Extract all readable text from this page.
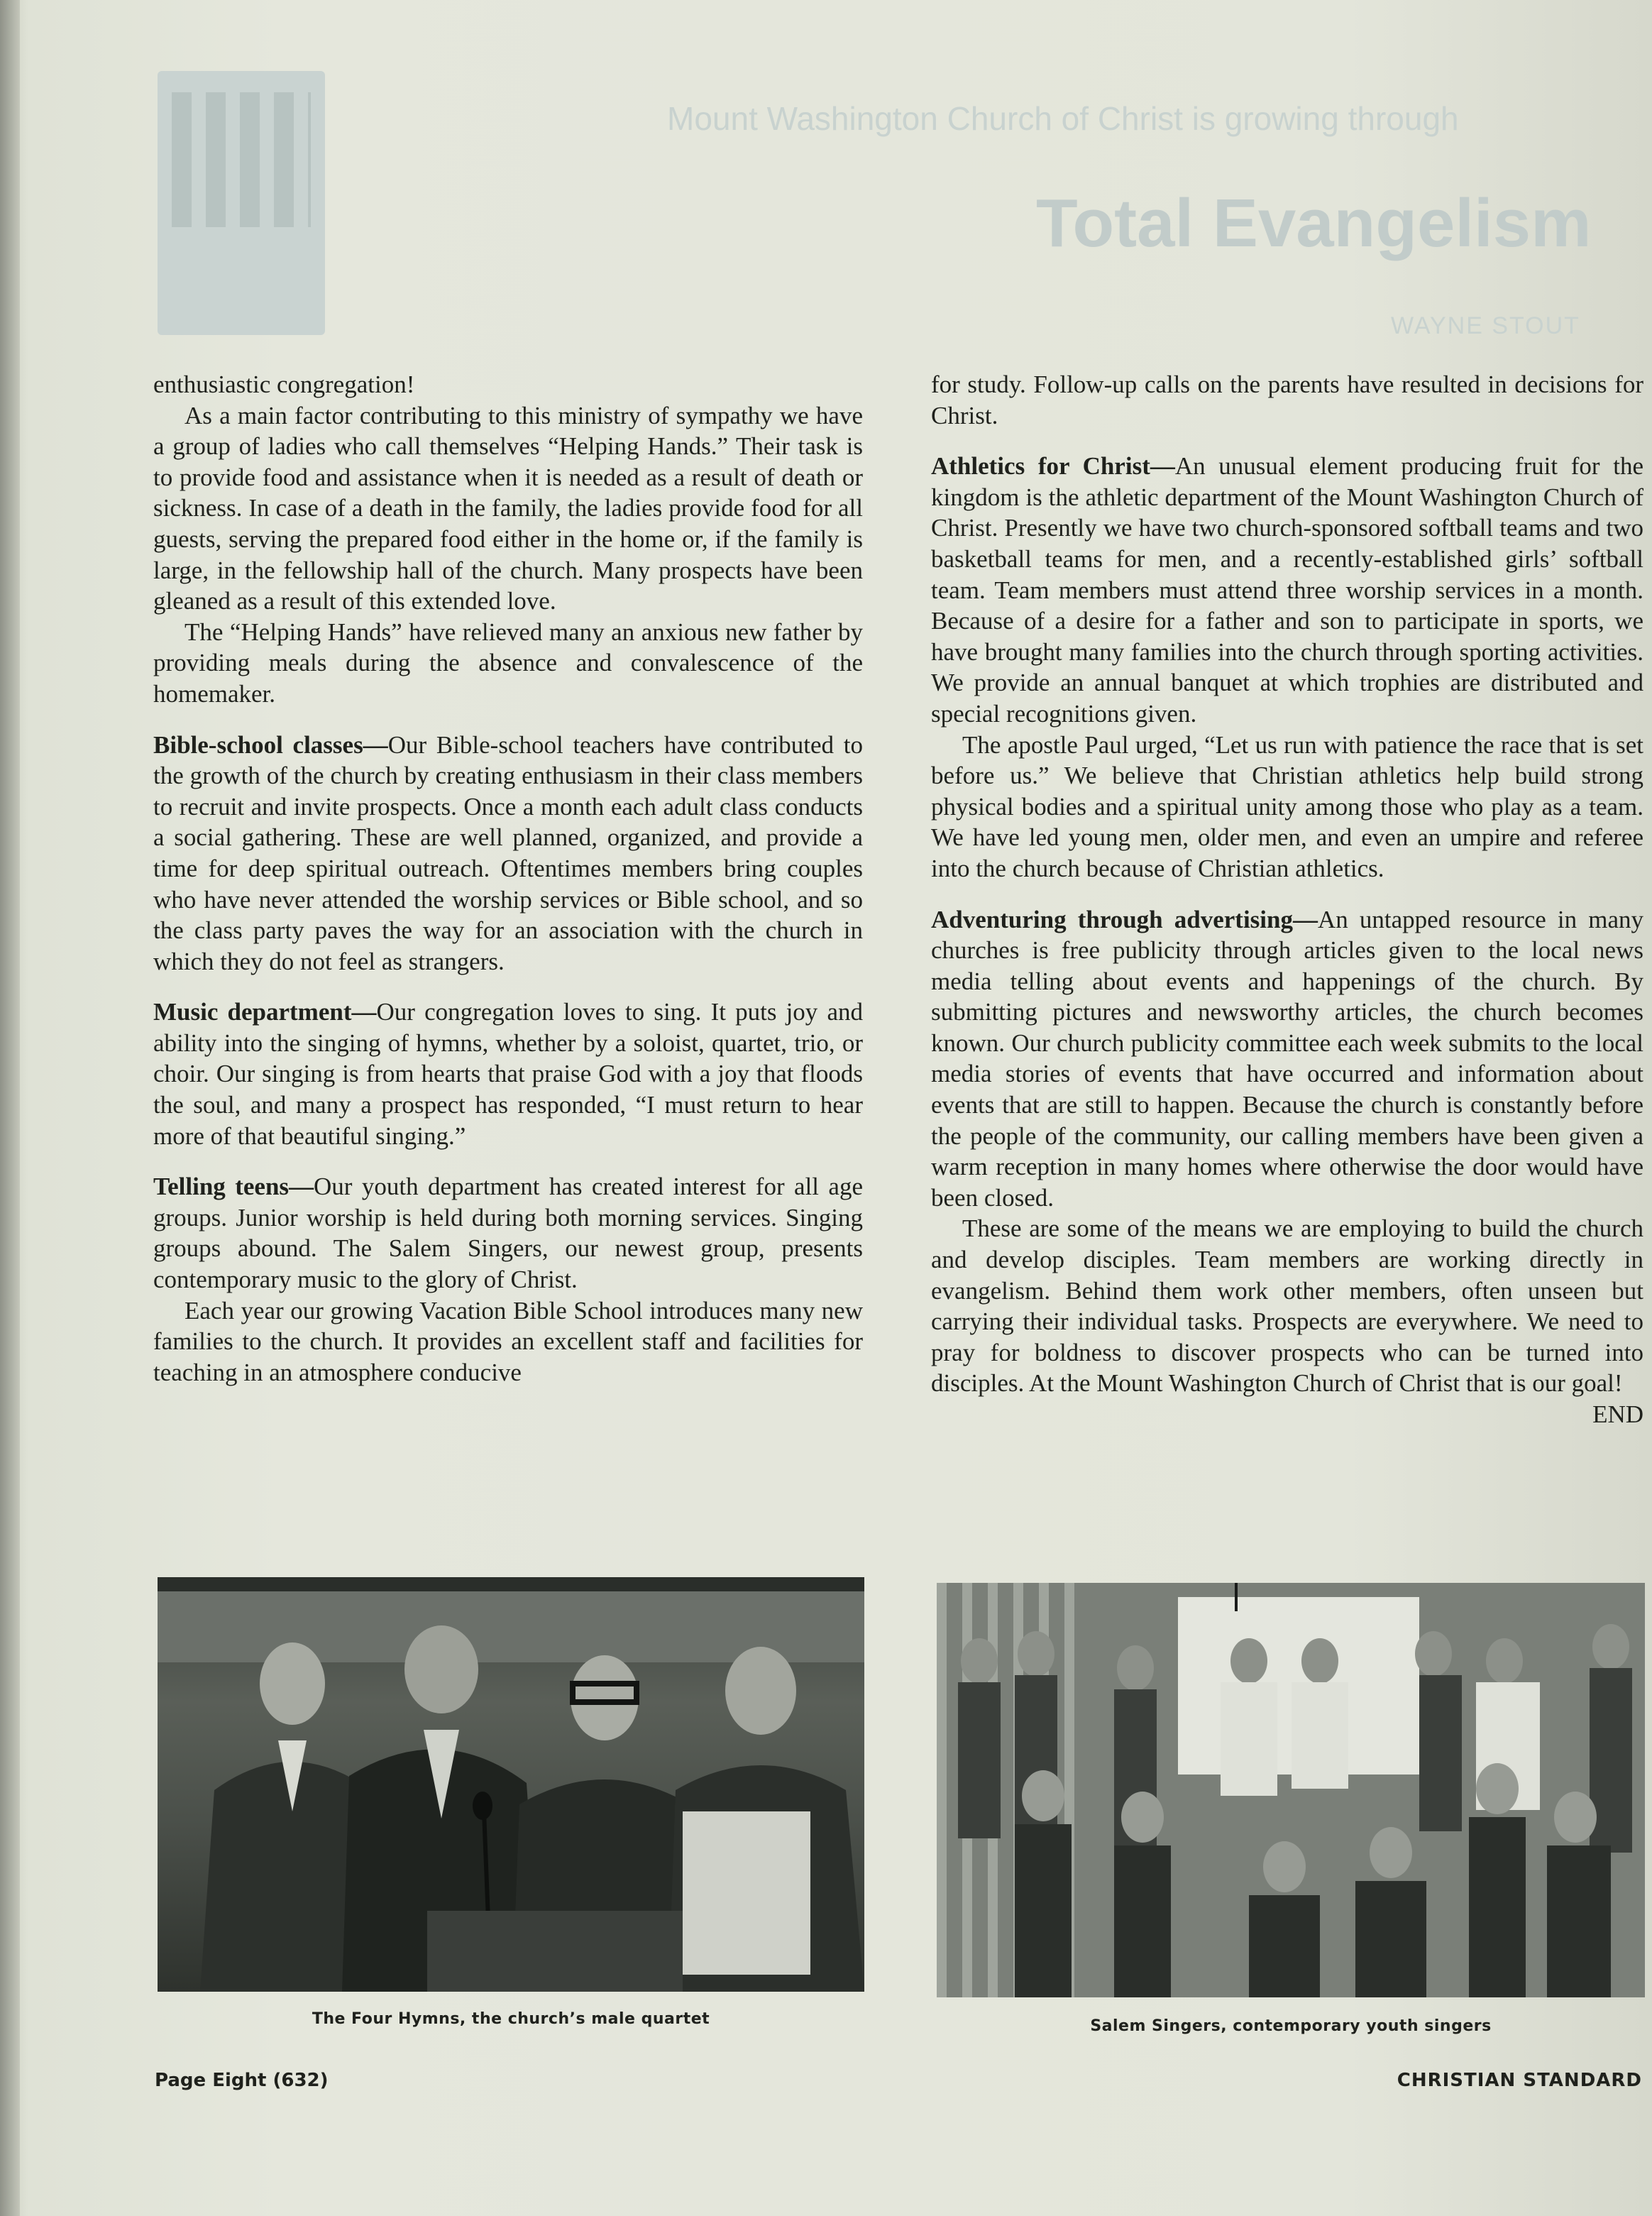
Mount Washington Church of Christ is growing through
Total Evangelism
WAYNE STOUT

enthusiastic congregation!

As a main factor contributing to this ministry of sympathy we have a group of ladies who call themselves “Helping Hands.” Their task is to provide food and assistance when it is needed as a result of death or sickness. In case of a death in the family, the ladies provide food for all guests, serving the prepared food either in the home or, if the family is large, in the fellowship hall of the church. Many prospects have been gleaned as a result of this extended love.

The “Helping Hands” have relieved many an anxious new father by providing meals during the absence and convalescence of the homemaker.

Bible-school classes—Our Bible-school teachers have contributed to the growth of the church by creating enthusiasm in their class members to recruit and invite prospects. Once a month each adult class conducts a social gathering. These are well planned, organized, and provide a time for deep spiritual outreach. Oftentimes members bring couples who have never attended the worship services or Bible school, and so the class party paves the way for an association with the church in which they do not feel as strangers.

Music department—Our congregation loves to sing. It puts joy and ability into the singing of hymns, whether by a soloist, quartet, trio, or choir. Our singing is from hearts that praise God with a joy that floods the soul, and many a prospect has responded, “I must return to hear more of that beautiful singing.”

Telling teens—Our youth department has created interest for all age groups. Junior worship is held during both morning services. Singing groups abound. The Salem Singers, our newest group, presents contemporary music to the glory of Christ.

Each year our growing Vacation Bible School introduces many new families to the church. It provides an excellent staff and facilities for teaching in an atmosphere conducive

for study. Follow-up calls on the parents have resulted in decisions for Christ.

Athletics for Christ—An unusual element producing fruit for the kingdom is the athletic department of the Mount Washington Church of Christ. Presently we have two church-sponsored softball teams and two basketball teams for men, and a recently-established girls’ softball team. Team members must attend three worship services in a month. Because of a desire for a father and son to participate in sports, we have brought many families into the church through sporting activities. We provide an annual banquet at which trophies are distributed and special recognitions given.

The apostle Paul urged, “Let us run with patience the race that is set before us.” We believe that Christian athletics help build strong physical bodies and a spiritual unity among those who play as a team. We have led young men, older men, and even an umpire and referee into the church because of Christian athletics.

Adventuring through advertising—An untapped resource in many churches is free publicity through articles given to the local news media telling about events and happenings of the church. By submitting pictures and newsworthy articles, the church becomes known. Our church publicity committee each week submits to the local media stories of events that have occurred and information about events that are still to happen. Because the church is constantly before the people of the community, our calling members have been given a warm reception in many homes where otherwise the door would have been closed.

These are some of the means we are employing to build the church and develop disciples. Team members are working directly in evangelism. Behind them work other members, often unseen but carrying their individual tasks. Prospects are everywhere. We need to pray for boldness to discover prospects who can be turned into disciples. At the Mount Washington Church of Christ that is our goal!

END

The Four Hymns, the church’s male quartet	Salem Singers, contemporary youth singers
Page Eight (632)	CHRISTIAN STANDARD
